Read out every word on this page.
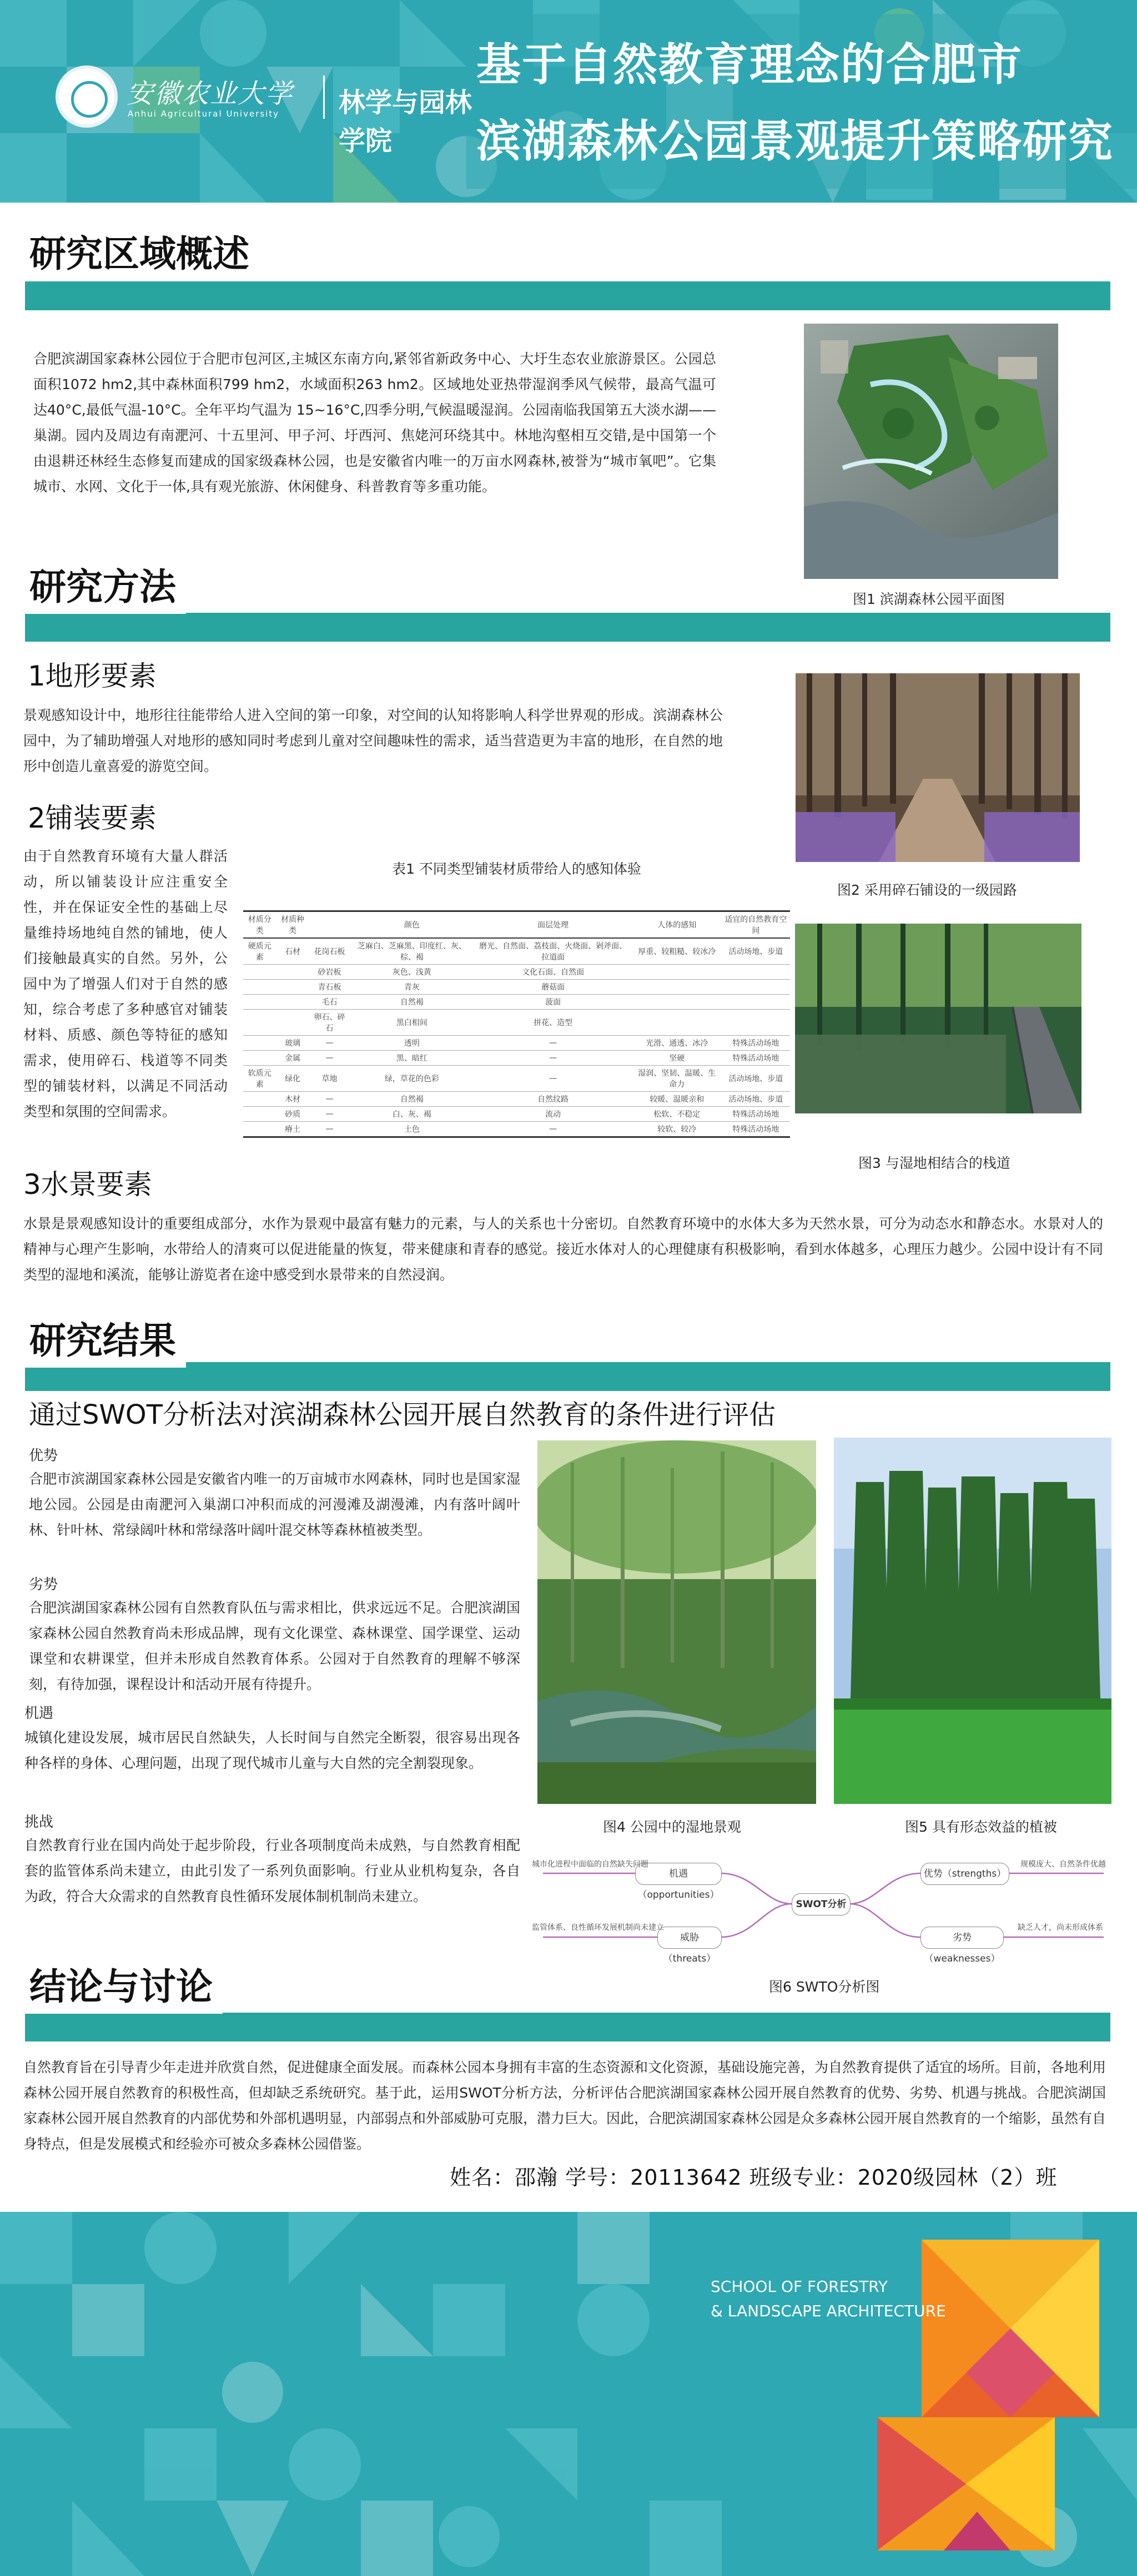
安徽农业大学
Anhui Agricultural University 林学与园林学院
基于自然教育理念的合肥市
滨湖森林公园景观提升策略研究
研究区域概述
合肥滨湖国家森林公园位于合肥市包河区,主城区东南方向,紧邻省新政务中心、大圩生态农业旅游景区。公园总面积1072 hm2,其中森林面积799 hm2，水域面积263 hm2。区域地处亚热带湿润季风气候带，最高气温可达40°C,最低气温-10°C。全年平均气温为 15~16°C,四季分明,气候温暖湿润。公园南临我国第五大淡水湖——巢湖。园内及周边有南淝河、十五里河、甲子河、圩西河、焦姥河环绕其中。林地沟壑相互交错,是中国第一个由退耕还林经生态修复而建成的国家级森林公园，也是安徽省内唯一的万亩水网森林,被誉为“城市氧吧”。它集城市、水网、文化于一体,具有观光旅游、休闲健身、科普教育等多重功能。
图1 滨湖森林公园平面图
研究方法
1地形要素
景观感知设计中，地形往往能带给人进入空间的第一印象，对空间的认知将影响人科学世界观的形成。滨湖森林公园中，为了辅助增强人对地形的感知同时考虑到儿童对空间趣味性的需求，适当营造更为丰富的地形，在自然的地形中创造儿童喜爱的游览空间。
图2 采用碎石铺设的一级园路
2铺装要素
由于自然教育环境有大量人群活动，所以铺装设计应注重安全性，并在保证安全性的基础上尽量维持场地纯自然的铺地，使人们接触最真实的自然。另外，公园中为了增强人们对于自然的感知，综合考虑了多种感官对铺装材料、质感、颜色等特征的感知需求，使用碎石、栈道等不同类型的铺装材料，以满足不同活动类型和氛围的空间需求。
表1 不同类型铺装材质带给人的感知体验
材质分类	材质种类		颜色	面层处理	人体的感知	适宜的自然教育空间
硬质元素	石材	花岗石板	芝麻白、芝麻黑、印度红、灰、棕、褐	磨光、自然面、荔枝面、火烧面、剁斧面、拉道面	厚重、较粗糙、较冰冷	活动场地、步道
		砂岩板	灰色、浅黄	文化石面、自然面		
		青石板	青灰	蘑菇面		
		毛石	自然褐	菠面		
		卵石、碎石	黑白相间	拼花、造型		
	玻璃	—	透明	—	光滑、通透、冰冷	特殊活动场地
	金属	—	黑、暗红	—	坚硬	特殊活动场地
软质元素	绿化	草地	绿，草花的色彩	—	湿润、坚韧、温暖、生命力	活动场地、步道
	木材	—	自然褐	自然纹路	较暖、温暖亲和	活动场地、步道
	砂质	—	白、灰、褐	流动	松软、不稳定	特殊活动场地
	瘠土	—	土色	—	较软、较冷	特殊活动场地
图3 与湿地相结合的栈道
3水景要素
水景是景观感知设计的重要组成部分，水作为景观中最富有魅力的元素，与人的关系也十分密切。自然教育环境中的水体大多为天然水景，可分为动态水和静态水。水景对人的精神与心理产生影响，水带给人的清爽可以促进能量的恢复，带来健康和青春的感觉。接近水体对人的心理健康有积极影响，看到水体越多，心理压力越少。公园中设计有不同类型的湿地和溪流，能够让游览者在途中感受到水景带来的自然浸润。
研究结果
通过SWOT分析法对滨湖森林公园开展自然教育的条件进行评估
优势
合肥市滨湖国家森林公园是安徽省内唯一的万亩城市水网森林，同时也是国家湿地公园。公园是由南淝河入巢湖口冲积而成的河漫滩及湖漫滩，内有落叶阔叶林、针叶林、常绿阔叶林和常绿落叶阔叶混交林等森林植被类型。
劣势
合肥滨湖国家森林公园有自然教育队伍与需求相比，供求远远不足。合肥滨湖国家森林公园自然教育尚未形成品牌，现有文化课堂、森林课堂、国学课堂、运动课堂和农耕课堂，但并未形成自然教育体系。公园对于自然教育的理解不够深刻，有待加强，课程设计和活动开展有待提升。
机遇
城镇化建设发展，城市居民自然缺失，人长时间与自然完全断裂，很容易出现各种各样的身体、心理问题，出现了现代城市儿童与大自然的完全割裂现象。
挑战
自然教育行业在国内尚处于起步阶段，行业各项制度尚未成熟，与自然教育相配套的监管体系尚未建立，由此引发了一系列负面影响。行业从业机构复杂，各自为政，符合大众需求的自然教育良性循环发展体制机制尚未建立。
图4 公园中的湿地景观	图5 具有形态效益的植被
SWOT分析
机遇（opportunities）
威胁（threats）
优势（strengths）
劣势（weaknesses）
城市化进程中面临的自然缺失问题
监管体系、良性循环发展机制尚未建立
规模庞大、自然条件优越
缺乏人才，尚未形成体系
图6 SWTO分析图
结论与讨论
自然教育旨在引导青少年走进并欣赏自然，促进健康全面发展。而森林公园本身拥有丰富的生态资源和文化资源，基础设施完善，为自然教育提供了适宜的场所。目前，各地利用森林公园开展自然教育的积极性高，但却缺乏系统研究。基于此，运用SWOT分析方法，分析评估合肥滨湖国家森林公园开展自然教育的优势、劣势、机遇与挑战。合肥滨湖国家森林公园开展自然教育的内部优势和外部机遇明显，内部弱点和外部威胁可克服，潜力巨大。因此，合肥滨湖国家森林公园是众多森林公园开展自然教育的一个缩影，虽然有自身特点，但是发展模式和经验亦可被众多森林公园借鉴。
姓名：邵瀚 学号：20113642 班级专业：2020级园林（2）班
SCHOOL OF FORESTRY
& LANDSCAPE ARCHITECTURE
